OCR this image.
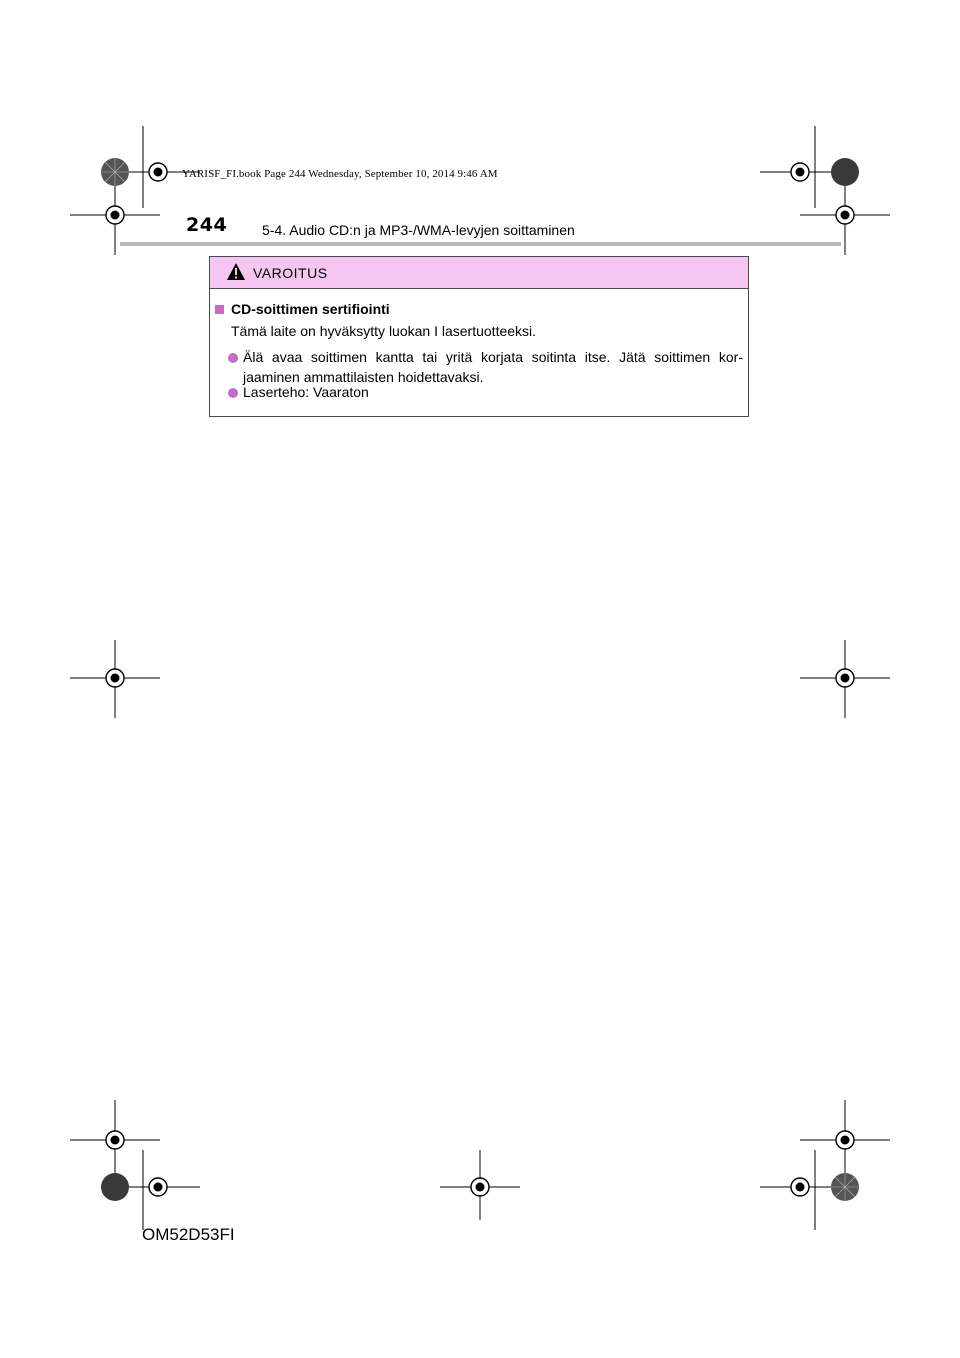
YARISF_FI.book Page 244 Wednesday, September 10, 2014 9:46 AM
244 5-4. Audio CD:n ja MP3-/WMA-levyjen soittaminen
VAROITUS
CD-soittimen sertifiointi
Tämä laite on hyväksytty luokan I lasertuotteeksi.
Älä avaa soittimen kantta tai yritä korjata soitinta itse. Jätä soittimen kor-
jaaminen ammattilaisten hoidettavaksi.
Laserteho: Vaaraton
OM52D53FI
